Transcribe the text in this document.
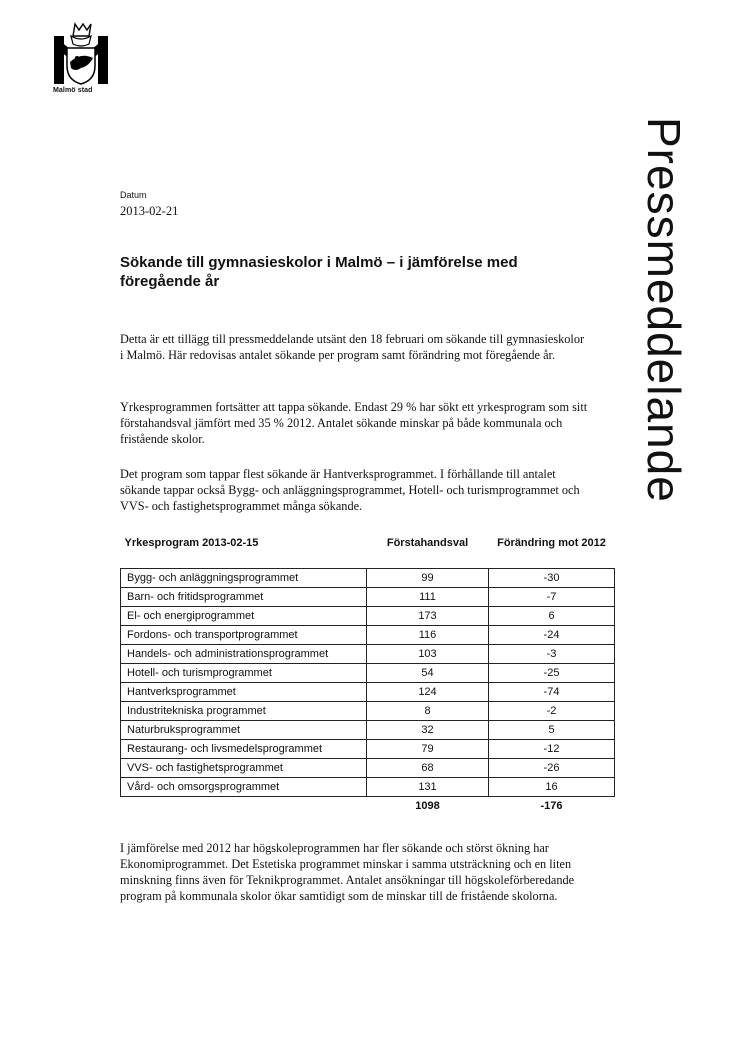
Malmö stad
Pressmeddelande
Datum
2013-02-21
Sökande till gymnasieskolor i Malmö – i jämförelse med föregående år

Detta är ett tillägg till pressmeddelande utsänt den 18 februari om sökande till gymnasieskolor i Malmö. Här redovisas antalet sökande per program samt förändring mot föregående år.

Yrkesprogrammen fortsätter att tappa sökande. Endast 29 % har sökt ett yrkesprogram som sitt förstahandsval jämfört med 35 % 2012. Antalet sökande minskar på både kommunala och fristående skolor.

Det program som tappar flest sökande är Hantverksprogrammet. I förhållande till antalet sökande tappar också Bygg- och anläggningsprogrammet, Hotell- och turismprogrammet och VVS- och fastighetsprogrammet många sökande.

Yrkesprogram 2013-02-15	Förstahandsval	Förändring mot 2012
Bygg- och anläggningsprogrammet	99	-30
Barn- och fritidsprogrammet	111	-7
El- och energiprogrammet	173	6
Fordons- och transportprogrammet	116	-24
Handels- och administrationsprogrammet	103	-3
Hotell- och turismprogrammet	54	-25
Hantverksprogrammet	124	-74
Industritekniska programmet	8	-2
Naturbruksprogrammet	32	5
Restaurang- och livsmedelsprogrammet	79	-12
VVS- och fastighetsprogrammet	68	-26
Vård- och omsorgsprogrammet	131	16
	1098	-176

I jämförelse med 2012 har högskoleprogrammen har fler sökande och störst ökning har Ekonomiprogrammet. Det Estetiska programmet minskar i samma utsträckning och en liten minskning finns även för Teknikprogrammet. Antalet ansökningar till högskoleförberedande program på kommunala skolor ökar samtidigt som de minskar till de fristående skolorna.
